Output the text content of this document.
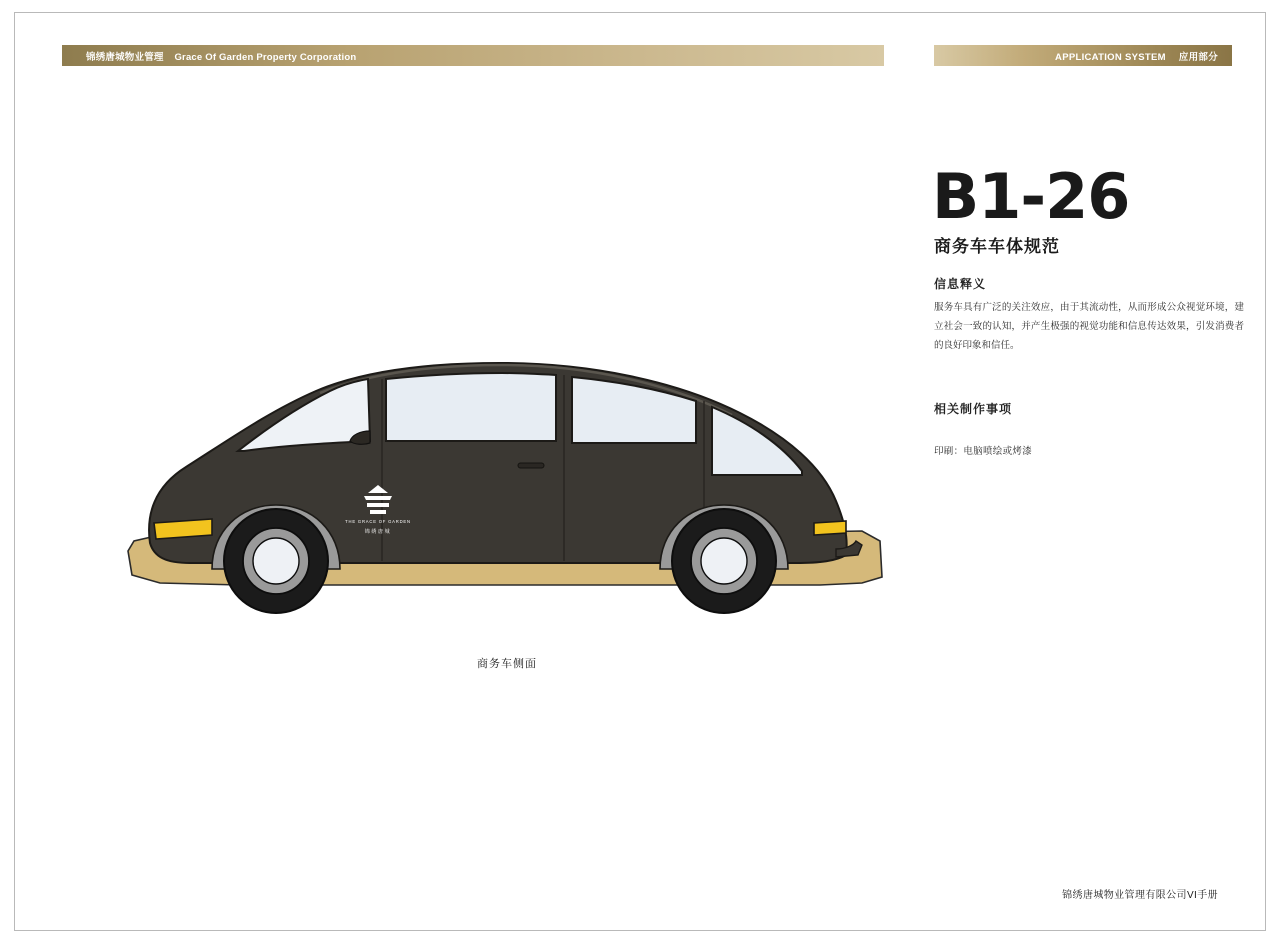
锦绣唐城物业管理 Grace Of Garden Property Corporation	APPLICATION SYSTEM 应用部分
B1-26
商务车车体规范
信息释义
服务车具有广泛的关注效应，由于其流动性，从而形成公众视觉环境，建立社会一致的认知，并产生极强的视觉功能和信息传达效果，引发消费者的良好印象和信任。
相关制作事项
印刷：电脑喷绘或烤漆
THE GRACE OF GARDEN
锦绣唐城
商务车侧面
锦绣唐城物业管理有限公司VI手册
